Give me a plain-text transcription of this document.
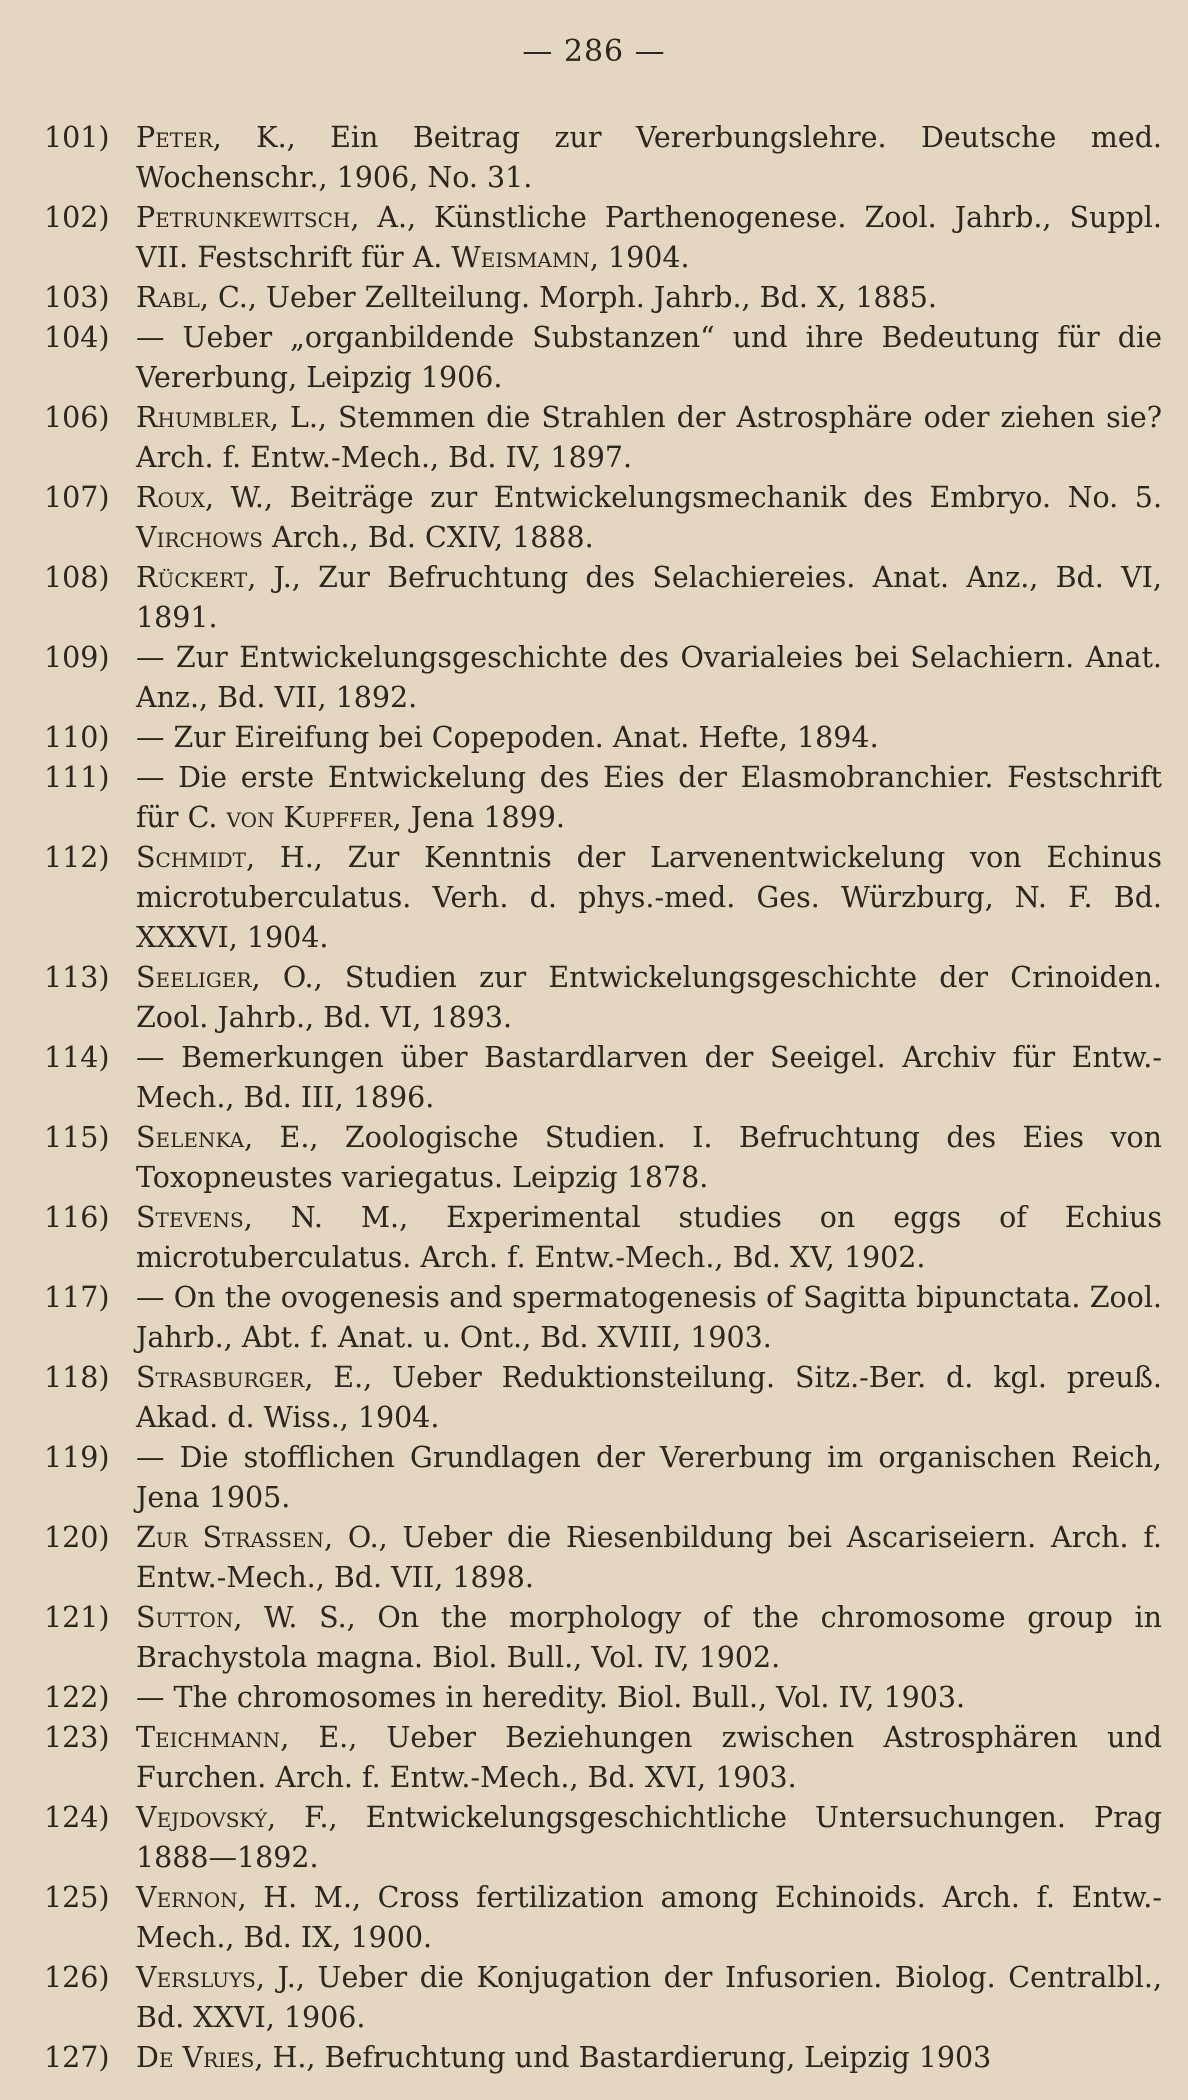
— 286 —
101) Peter, K., Ein Beitrag zur Vererbungslehre. Deutsche med. Wochenschr., 1906, No. 31.
102) Petrunkewitsch, A., Künstliche Parthenogenese. Zool. Jahrb., Suppl. VII. Festschrift für A. Weismamn, 1904.
103) Rabl, C., Ueber Zellteilung. Morph. Jahrb., Bd. X, 1885.
104) — Ueber „organbildende Substanzen“ und ihre Bedeutung für die Vererbung, Leipzig 1906.
106) Rhumbler, L., Stemmen die Strahlen der Astrosphäre oder ziehen sie? Arch. f. Entw.-Mech., Bd. IV, 1897.
107) Roux, W., Beiträge zur Entwickelungsmechanik des Embryo. No. 5. Virchows Arch., Bd. CXIV, 1888.
108) Rückert, J., Zur Befruchtung des Selachiereies. Anat. Anz., Bd. VI, 1891.
109) — Zur Entwickelungsgeschichte des Ovarialeies bei Selachiern. Anat. Anz., Bd. VII, 1892.
110) — Zur Eireifung bei Copepoden. Anat. Hefte, 1894.
111) — Die erste Entwickelung des Eies der Elasmobranchier. Festschrift für C. von Kupffer, Jena 1899.
112) Schmidt, H., Zur Kenntnis der Larvenentwickelung von Echinus microtuberculatus. Verh. d. phys.-med. Ges. Würzburg, N. F. Bd. XXXVI, 1904.
113) Seeliger, O., Studien zur Entwickelungsgeschichte der Crinoiden. Zool. Jahrb., Bd. VI, 1893.
114) — Bemerkungen über Bastardlarven der Seeigel. Archiv für Entw.-Mech., Bd. III, 1896.
115) Selenka, E., Zoologische Studien. I. Befruchtung des Eies von Toxopneustes variegatus. Leipzig 1878.
116) Stevens, N. M., Experimental studies on eggs of Echius microtuberculatus. Arch. f. Entw.-Mech., Bd. XV, 1902.
117) — On the ovogenesis and spermatogenesis of Sagitta bipunctata. Zool. Jahrb., Abt. f. Anat. u. Ont., Bd. XVIII, 1903.
118) Strasburger, E., Ueber Reduktionsteilung. Sitz.-Ber. d. kgl. preuß. Akad. d. Wiss., 1904.
119) — Die stofflichen Grundlagen der Vererbung im organischen Reich, Jena 1905.
120) Zur Strassen, O., Ueber die Riesenbildung bei Ascariseiern. Arch. f. Entw.-Mech., Bd. VII, 1898.
121) Sutton, W. S., On the morphology of the chromosome group in Brachystola magna. Biol. Bull., Vol. IV, 1902.
122) — The chromosomes in heredity. Biol. Bull., Vol. IV, 1903.
123) Teichmann, E., Ueber Beziehungen zwischen Astrosphären und Furchen. Arch. f. Entw.-Mech., Bd. XVI, 1903.
124) Vejdovský, F., Entwickelungsgeschichtliche Untersuchungen. Prag 1888—1892.
125) Vernon, H. M., Cross fertilization among Echinoids. Arch. f. Entw.-Mech., Bd. IX, 1900.
126) Versluys, J., Ueber die Konjugation der Infusorien. Biolog. Centralbl., Bd. XXVI, 1906.
127) De Vries, H., Befruchtung und Bastardierung, Leipzig 1903
